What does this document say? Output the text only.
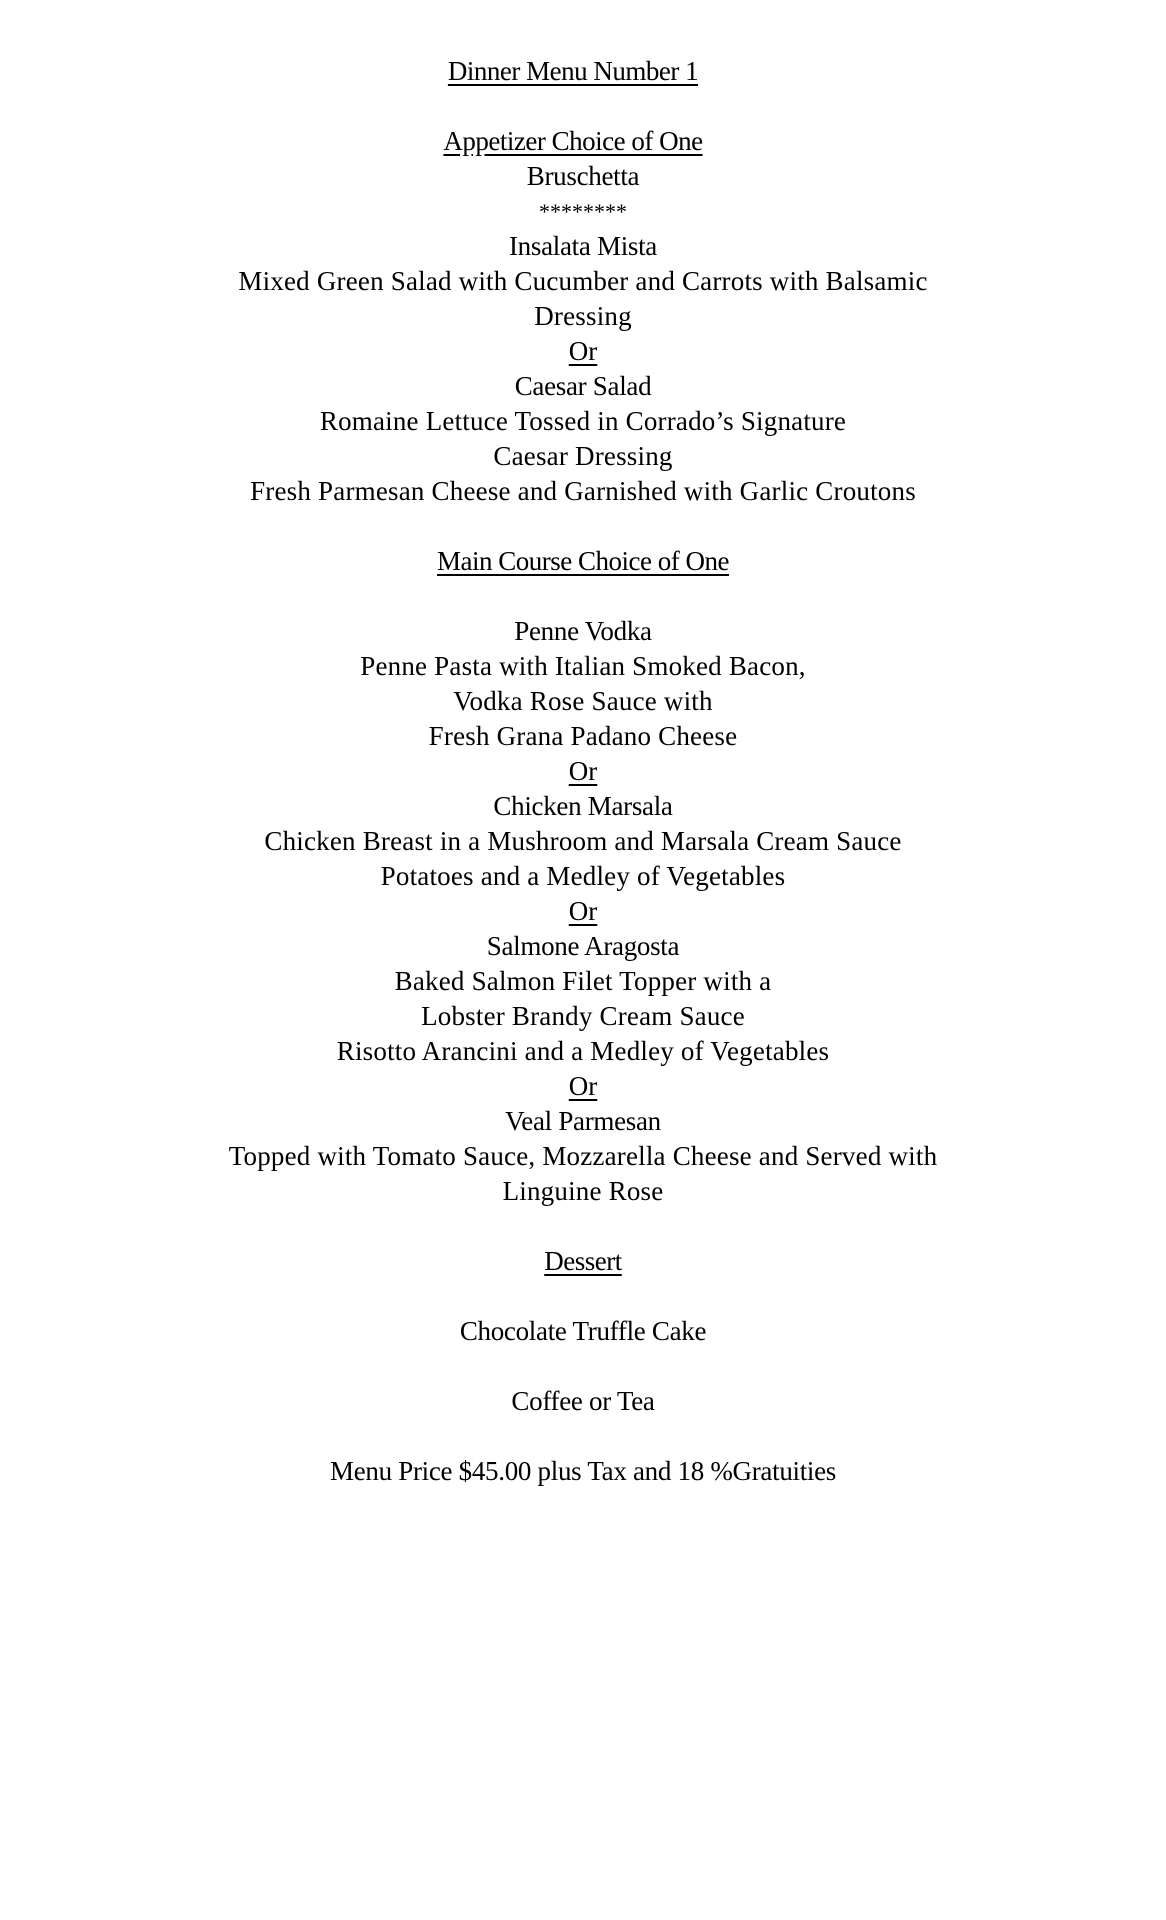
Dinner Menu Number 1
Appetizer Choice of One
Bruschetta
********
Insalata Mista
Mixed Green Salad with Cucumber and Carrots with Balsamic
Dressing
Or
Caesar Salad
Romaine Lettuce Tossed in Corrado’s Signature
Caesar Dressing
Fresh Parmesan Cheese and Garnished with Garlic Croutons
Main Course Choice of One
Penne Vodka
Penne Pasta with Italian Smoked Bacon,
Vodka Rose Sauce with
Fresh Grana Padano Cheese
Or
Chicken Marsala
Chicken Breast in a Mushroom and Marsala Cream Sauce
Potatoes and a Medley of Vegetables
Or
Salmone Aragosta
Baked Salmon Filet Topper with a
Lobster Brandy Cream Sauce
Risotto Arancini and a Medley of Vegetables
Or
Veal Parmesan
Topped with Tomato Sauce, Mozzarella Cheese and Served with
Linguine Rose
Dessert
Chocolate Truffle Cake
Coffee or Tea
Menu Price $45.00 plus Tax and 18 %Gratuities
